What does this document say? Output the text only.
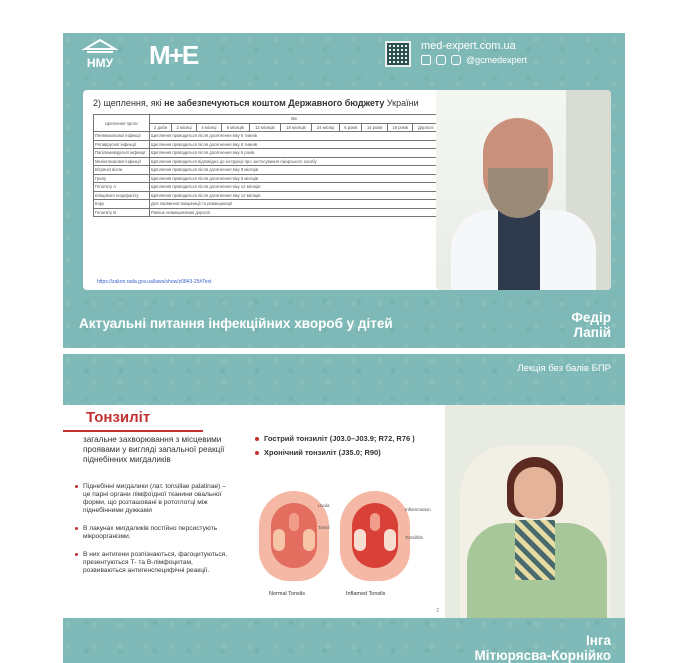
НМУ M+E	med-expert.com.ua
@gcmedexpert
2) щеплення, які не забезпечуються коштом Державного бюджету України
Щеплення проти	Вік										
	2 доби	2 місяці	4 місяці	6 місяців	12 місяців	18 місяців	24 місяці	6 років	14 років	16 років	Дорослі
Пневмококової інфекції	Щеплення проводиться після досягнення віку 6 тижнів										
Ротавірусної інфекції	Щеплення проводиться після досягнення віку 6 тижнів										
Папіломавірусної інфекції	Щеплення проводиться після досягнення віку 9 років										
Менінгококової інфекції	Щеплення проводиться відповідно до інструкції про застосування лікарського засобу										
Вітряної віспи	Щеплення проводиться після досягнення віку 9 місяців										
Грипу	Щеплення проводиться після досягнення віку 6 місяців										
Гепатиту А	Щеплення проводиться після досягнення віку 12 місяців										
Кліщового енцефаліту	Щеплення проводиться після досягнення віку 12 місяців										
Кору	Для первинної вакцинації та ревакцинації										
Гепатиту В	Раніше невакциновані дорослі										
https://zakon.rada.gov.ua/laws/show/z0843-25#Text
Актуальні питання інфекційних хвороб у дітей	Федір
Лапій
Лекція без балів БПР
Тонзиліт
загальне захворювання з місцевими проявами у вигляді запальної реакції піднебінних мигдаликів
Гострий тонзиліт (J03.0–J03.9; R72, R76 )
Хронічний тонзиліт (J35.0; R90)
Піднебінні мигдалики (лат. tonsillae palatinae) – це парні органи лімфоїдної тканини овальної форми, що розташовані в ротоглотці між піднебінними дужками
В лакунах мигдаликів постійно персистують мікроорганізми.
В них антигени розпізнаються, фагоцитуються, презентуються Т- та В-лімфоцитам, розвиваються антигенспецифічні реакції.
Uvula
Tonsil
Inflammation
Tonsillitis
Normal Tonsils	Inflamed Tonsils
2
Інга
Мітюрясва-Корнійко
